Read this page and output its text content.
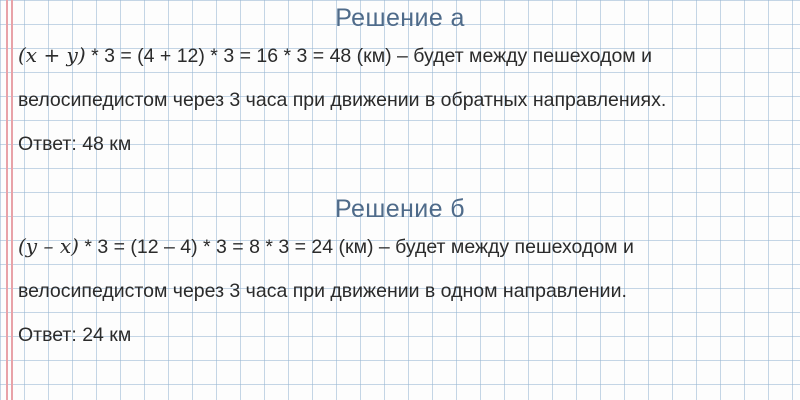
Решение а
(x + y) * 3 = (4 + 12) * 3 = 16 * 3 = 48 (км) – будет между пешеходом и
велосипедистом через 3 часа при движении в обратных направлениях.
Ответ: 48 км
Решение б
(y – x) * 3 = (12 – 4) * 3 = 8 * 3 = 24 (км) – будет между пешеходом и
велосипедистом через 3 часа при движении в одном направлении.
Ответ: 24 км
